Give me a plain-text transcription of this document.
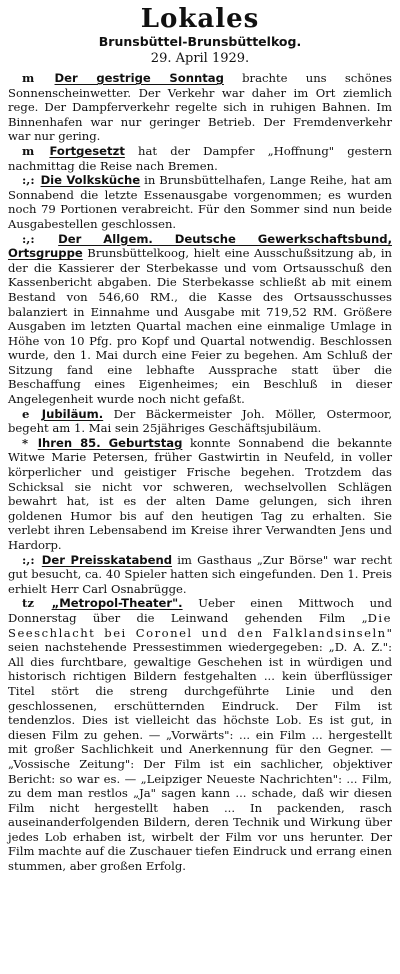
Lokales
Brunsbüttel-Brunsbüttelkog.
29. April 1929.

m Der gestrige Sonntag brachte uns schönes Sonnenscheinwetter. Der Verkehr war daher im Ort ziemlich rege. Der Dampferverkehr regelte sich in ruhigen Bahnen. Im Binnenhafen war nur geringer Betrieb. Der Fremdenverkehr war nur gering.

m Fortgesetzt hat der Dampfer „Hoffnung" gestern nachmittag die Reise nach Bremen.

:,: Die Volksküche in Brunsbüttelhafen, Lange Reihe, hat am Sonnabend die letzte Essenausgabe vorgenommen; es wurden noch 79 Portionen verabreicht. Für den Sommer sind nun beide Ausgabestellen geschlossen.

:,: Der Allgem. Deutsche Gewerkschaftsbund, Ortsgruppe Brunsbüttelkoog, hielt eine Ausschußsitzung ab, in der die Kassierer der Sterbekasse und vom Ortsausschuß den Kassenbericht abgaben. Die Sterbekasse schließt ab mit einem Bestand von 546,60 RM., die Kasse des Ortsausschusses balanziert in Einnahme und Ausgabe mit 719,52 RM. Größere Ausgaben im letzten Quartal machen eine einmalige Umlage in Höhe von 10 Pfg. pro Kopf und Quartal notwendig. Beschlossen wurde, den 1. Mai durch eine Feier zu begehen. Am Schluß der Sitzung fand eine lebhafte Aussprache statt über die Beschaffung eines Eigenheimes; ein Beschluß in dieser Angelegenheit wurde noch nicht gefaßt.

e Jubiläum. Der Bäckermeister Joh. Möller, Ostermoor, begeht am 1. Mai sein 25jähriges Geschäftsjubiläum.

* Ihren 85. Geburtstag konnte Sonnabend die bekannte Witwe Marie Petersen, früher Gastwirtin in Neufeld, in voller körperlicher und geistiger Frische begehen. Trotzdem das Schicksal sie nicht vor schweren, wechselvollen Schlägen bewahrt hat, ist es der alten Dame gelungen, sich ihren goldenen Humor bis auf den heutigen Tag zu erhalten. Sie verlebt ihren Lebensabend im Kreise ihrer Verwandten Jens und Hardorp.

:,: Der Preisskatabend im Gasthaus „Zur Börse" war recht gut besucht, ca. 40 Spieler hatten sich eingefunden. Den 1. Preis erhielt Herr Carl Osnabrügge.

tz „Metropol-Theater". Ueber einen Mittwoch und Donnerstag über die Leinwand gehenden Film „Die Seeschlacht bei Coronel und den Falklandsinseln" seien nachstehende Pressestimmen wiedergegeben: „D. A. Z.": All dies furchtbare, gewaltige Geschehen ist in würdigen und historisch richtigen Bildern festgehalten ... kein überflüssiger Titel stört die streng durchgeführte Linie und den geschlossenen, erschütternden Eindruck. Der Film ist tendenzlos. Dies ist vielleicht das höchste Lob. Es ist gut, in diesen Film zu gehen. — „Vorwärts": ... ein Film ... hergestellt mit großer Sachlichkeit und Anerkennung für den Gegner. — „Vossische Zeitung": Der Film ist ein sachlicher, objektiver Bericht: so war es. — „Leipziger Neueste Nachrichten": ... Film, zu dem man restlos „Ja" sagen kann ... schade, daß wir diesen Film nicht hergestellt haben ... In packenden, rasch auseinanderfolgenden Bildern, deren Technik und Wirkung über jedes Lob erhaben ist, wirbelt der Film vor uns herunter. Der Film machte auf die Zuschauer tiefen Eindruck und errang einen stummen, aber großen Erfolg.
